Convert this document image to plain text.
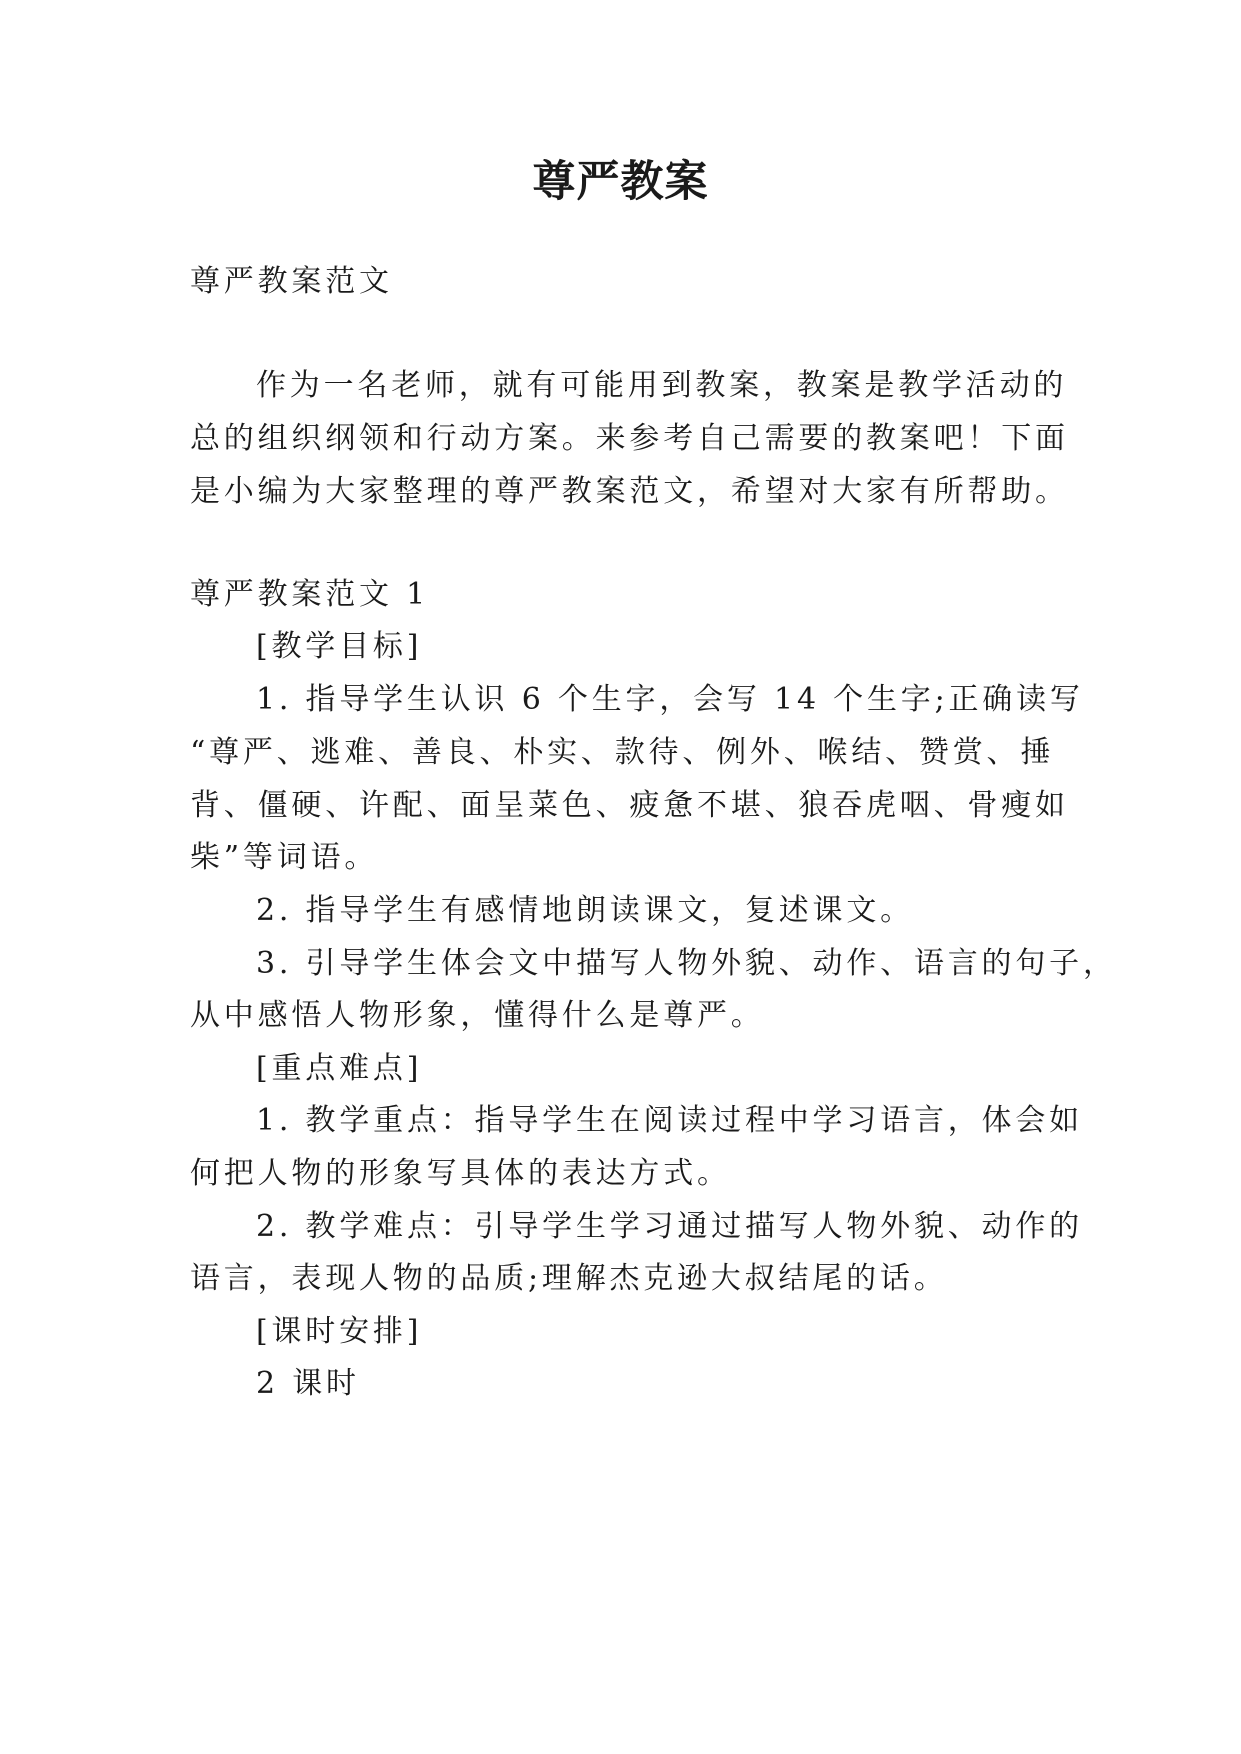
尊严教案
尊严教案范文
作为一名老师，就有可能用到教案，教案是教学活动的
总的组织纲领和行动方案。来参考自己需要的教案吧！下面
是小编为大家整理的尊严教案范文，希望对大家有所帮助。
尊严教案范文 1
[教学目标]
1. 指导学生认识 6 个生字，会写 14 个生字;正确读写
“尊严、逃难、善良、朴实、款待、例外、喉结、赞赏、捶
背、僵硬、许配、面呈菜色、疲惫不堪、狼吞虎咽、骨瘦如
柴”等词语。
2. 指导学生有感情地朗读课文，复述课文。
3. 引导学生体会文中描写人物外貌、动作、语言的句子，
从中感悟人物形象，懂得什么是尊严。
[重点难点]
1. 教学重点：指导学生在阅读过程中学习语言，体会如
何把人物的形象写具体的表达方式。
2. 教学难点：引导学生学习通过描写人物外貌、动作的
语言，表现人物的品质;理解杰克逊大叔结尾的话。
[课时安排]
2 课时
